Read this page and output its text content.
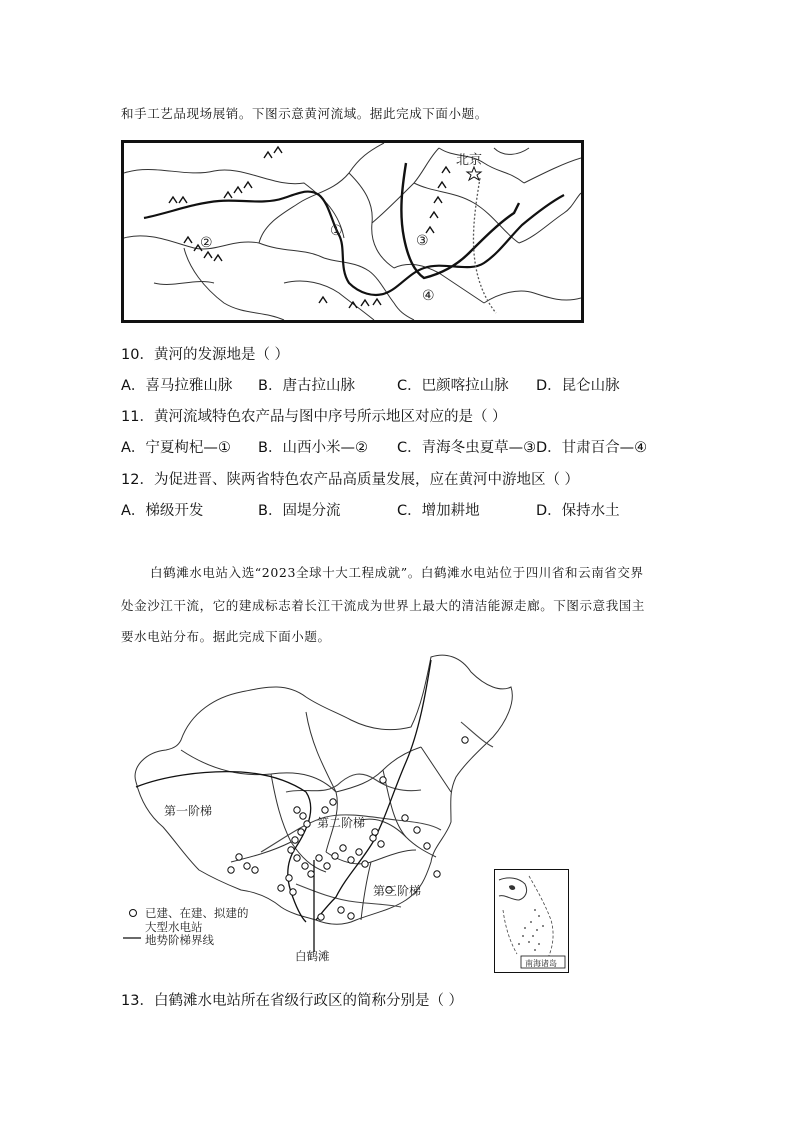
和手工艺品现场展销。下图示意黄河流域。据此完成下面小题。
北京
①
②	③
④
10．黄河的发源地是（ ）
A．喜马拉雅山脉 B．唐古拉山脉	C．巴颜喀拉山脉 D．昆仑山脉
11．黄河流域特色农产品与图中序号所示地区对应的是（ ）
A．宁夏枸杞—① B．山西小米—② C．青海冬虫夏草—③ D．甘肃百合—④
12．为促进晋、陕两省特色农产品高质量发展，应在黄河中游地区（ ）
A．梯级开发	B．固堤分流	C．增加耕地	D．保持水土
白鹤滩水电站入选“2023全球十大工程成就”。白鹤滩水电站位于四川省和云南省交界
处金沙江干流，它的建成标志着长江干流成为世界上最大的清洁能源走廊。下图示意我国主
要水电站分布。据此完成下面小题。
第一阶梯
第二阶梯
第三阶梯
已建、在建、拟建的
大型水电站
地势阶梯界线
白鹤滩
南海诸岛
13．白鹤滩水电站所在省级行政区的简称分别是（ ）
